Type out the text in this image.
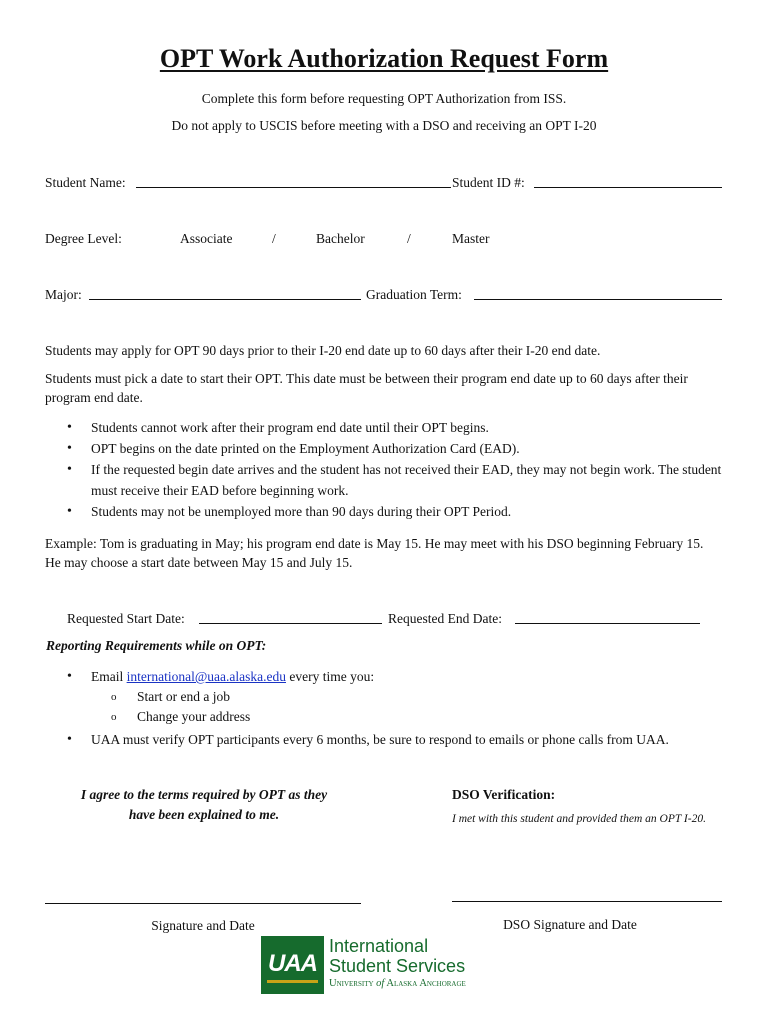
OPT Work Authorization Request Form
Complete this form before requesting OPT Authorization from ISS.
Do not apply to USCIS before meeting with a DSO and receiving an OPT I-20
Student Name:	Student ID #:
Degree Level:	Associate	/	Bachelor	/	Master
Major:	Graduation Term:
Students may apply for OPT 90 days prior to their I-20 end date up to 60 days after their I-20 end date.
Students must pick a date to start their OPT. This date must be between their program end date up to 60 days after their program end date.
• Students cannot work after their program end date until their OPT begins.
• OPT begins on the date printed on the Employment Authorization Card (EAD).
• If the requested begin date arrives and the student has not received their EAD, they may not begin work. The student must receive their EAD before beginning work.
• Students may not be unemployed more than 90 days during their OPT Period.
Example: Tom is graduating in May; his program end date is May 15. He may meet with his DSO beginning February 15. He may choose a start date between May 15 and July 15.
Requested Start Date:	Requested End Date:
Reporting Requirements while on OPT:
• Email international@uaa.alaska.edu every time you:
o Start or end a job
o Change your address
• UAA must verify OPT participants every 6 months, be sure to respond to emails or phone calls from UAA.
I agree to the terms required by OPT as they
have been explained to me.
DSO Verification:
I met with this student and provided them an OPT I-20.
Signature and Date	DSO Signature and Date
UAA
International
Student Services
University of Alaska Anchorage
